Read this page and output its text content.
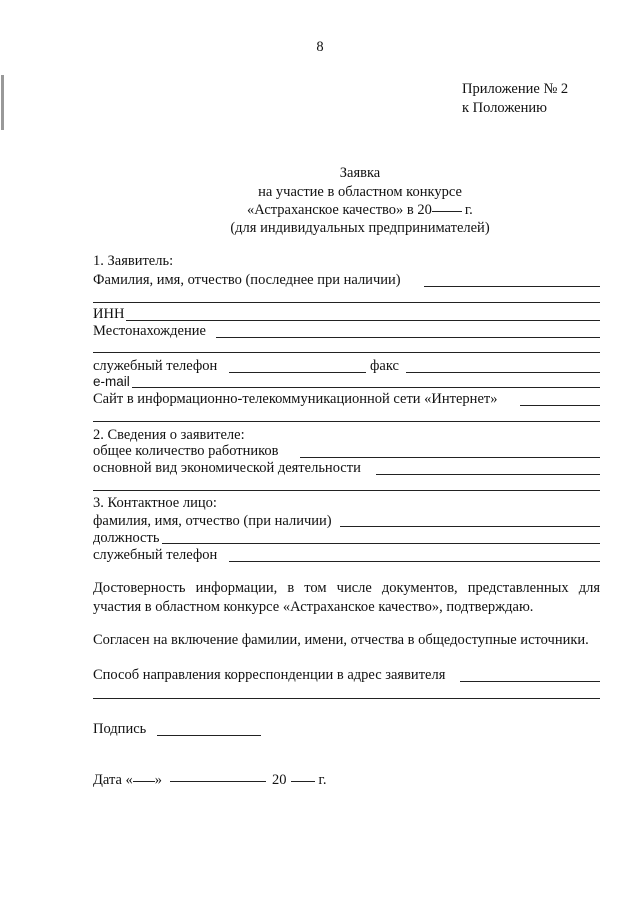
8
Приложение № 2
к Положению
Заявка
на участие в областном конкурсе
«Астраханское качество» в 20 г.
(для индивидуальных предпринимателей)
1. Заявитель:
Фамилия, имя, отчество (последнее при наличии)
ИНН
Местонахождение
служебный телефон	факс
e-mail
Сайт в информационно-телекоммуникационной сети «Интернет»
2. Сведения о заявителе:
общее количество работников
основной вид экономической деятельности
3. Контактное лицо:
фамилия, имя, отчество (при наличии)
должность
служебный телефон
Достоверность информации, в том числе документов, представленных для участия в областном конкурсе «Астраханское качество», подтверждаю.
Согласен на включение фамилии, имени, отчества в общедоступные источники.
Способ направления корреспонденции в адрес заявителя
Подпись
Дата « »	20 г.
